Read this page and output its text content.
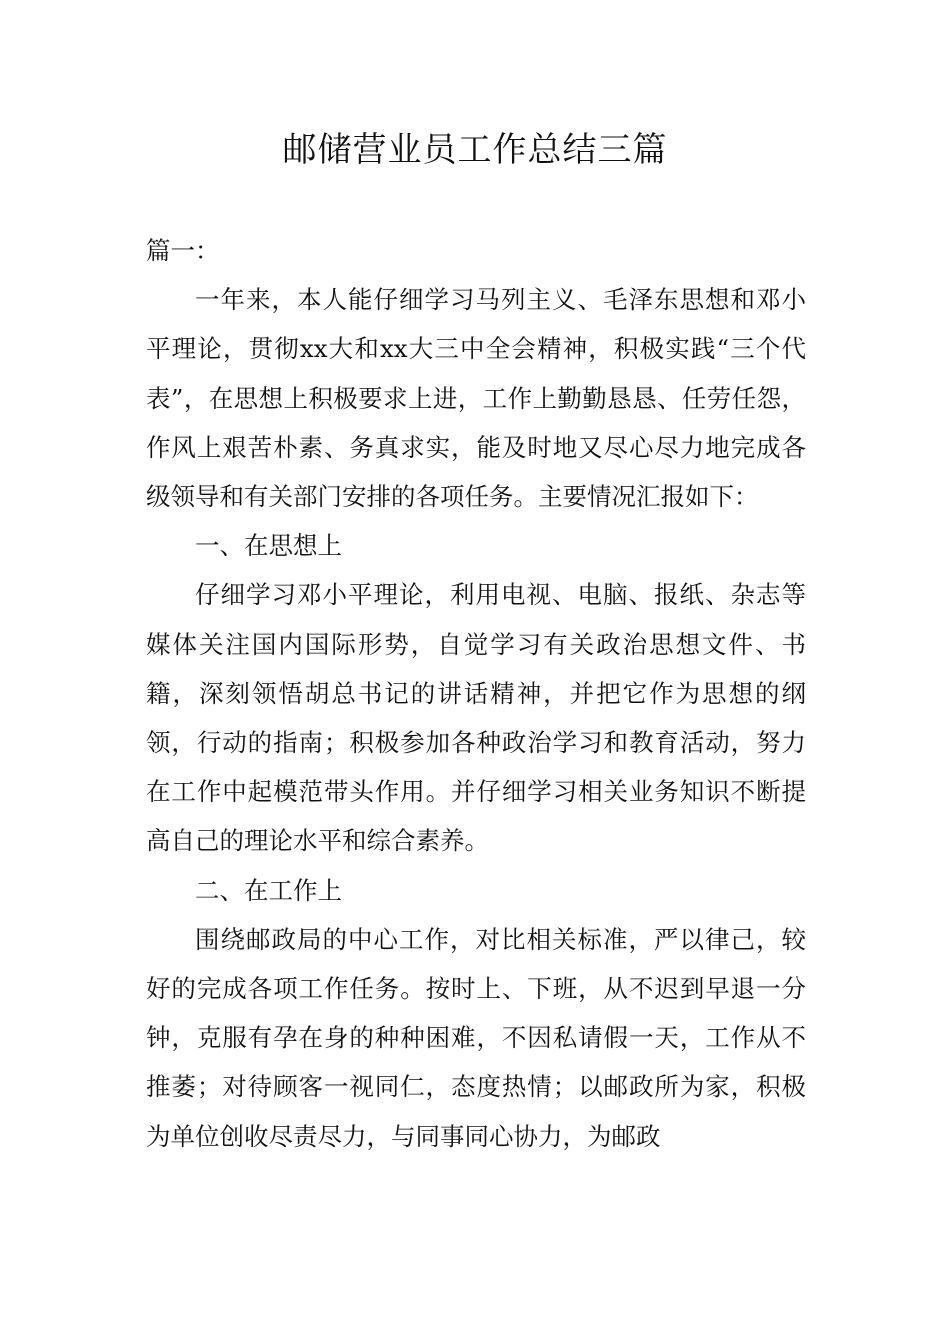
邮储营业员工作总结三篇

篇一：

一年来，本人能仔细学习马列主义、毛泽东思想和邓小平理论，贯彻xx大和xx大三中全会精神，积极实践“三个代表”，在思想上积极要求上进，工作上勤勤恳恳、任劳任怨，作风上艰苦朴素、务真求实，能及时地又尽心尽力地完成各级领导和有关部门安排的各项任务。主要情况汇报如下：

一、在思想上

仔细学习邓小平理论，利用电视、电脑、报纸、杂志等媒体关注国内国际形势，自觉学习有关政治思想文件、书籍，深刻领悟胡总书记的讲话精神，并把它作为思想的纲领，行动的指南；积极参加各种政治学习和教育活动，努力在工作中起模范带头作用。并仔细学习相关业务知识不断提高自己的理论水平和综合素养。

二、在工作上

围绕邮政局的中心工作，对比相关标准，严以律己，较好的完成各项工作任务。按时上、下班，从不迟到早退一分钟，克服有孕在身的种种困难，不因私请假一天，工作从不推萎；对待顾客一视同仁，态度热情；以邮政所为家，积极为单位创收尽责尽力，与同事同心协力，为邮政
